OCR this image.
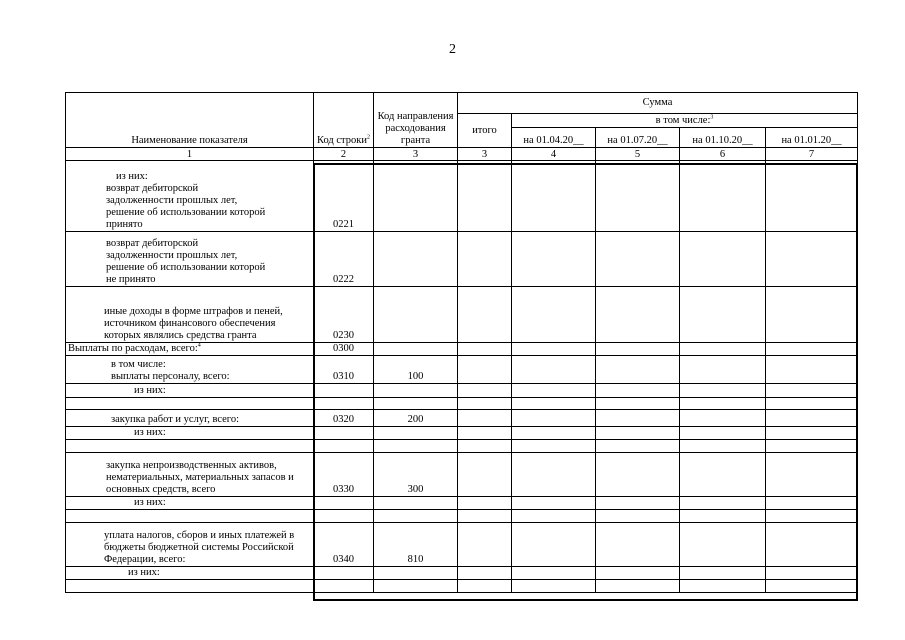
2
Наименование показателя	Код строки$^2$	Код направления расходования гранта	Сумма				
			итого	в том числе:$^3$
				на 01.04.20__	на 01.07.20__	на 01.10.20__	на 01.01.20__
1	2	3	3	4	5	6	7

из них:
возврат дебиторской задолженности прошлых лет, решение об использовании которой принято	0221						

возврат дебиторской задолженности прошлых лет, решение об использовании которой не принято	0222						

иные доходы в форме штрафов и пеней, источником финансового обеспечения которых являлись средства гранта	0230						
Выплаты по расходам, всего:$^4$	0300						

в том числе:
выплаты персоналу, всего:	0310	100					
из них:							

закупка работ и услуг, всего:	0320	200					
из них:							

закупка непроизводственных активов, нематериальных, материальных запасов и основных средств, всего	0330	300					
из них:							

уплата налогов, сборов и иных платежей в бюджеты бюджетной системы Российской Федерации, всего:	0340	810					
из них:							
